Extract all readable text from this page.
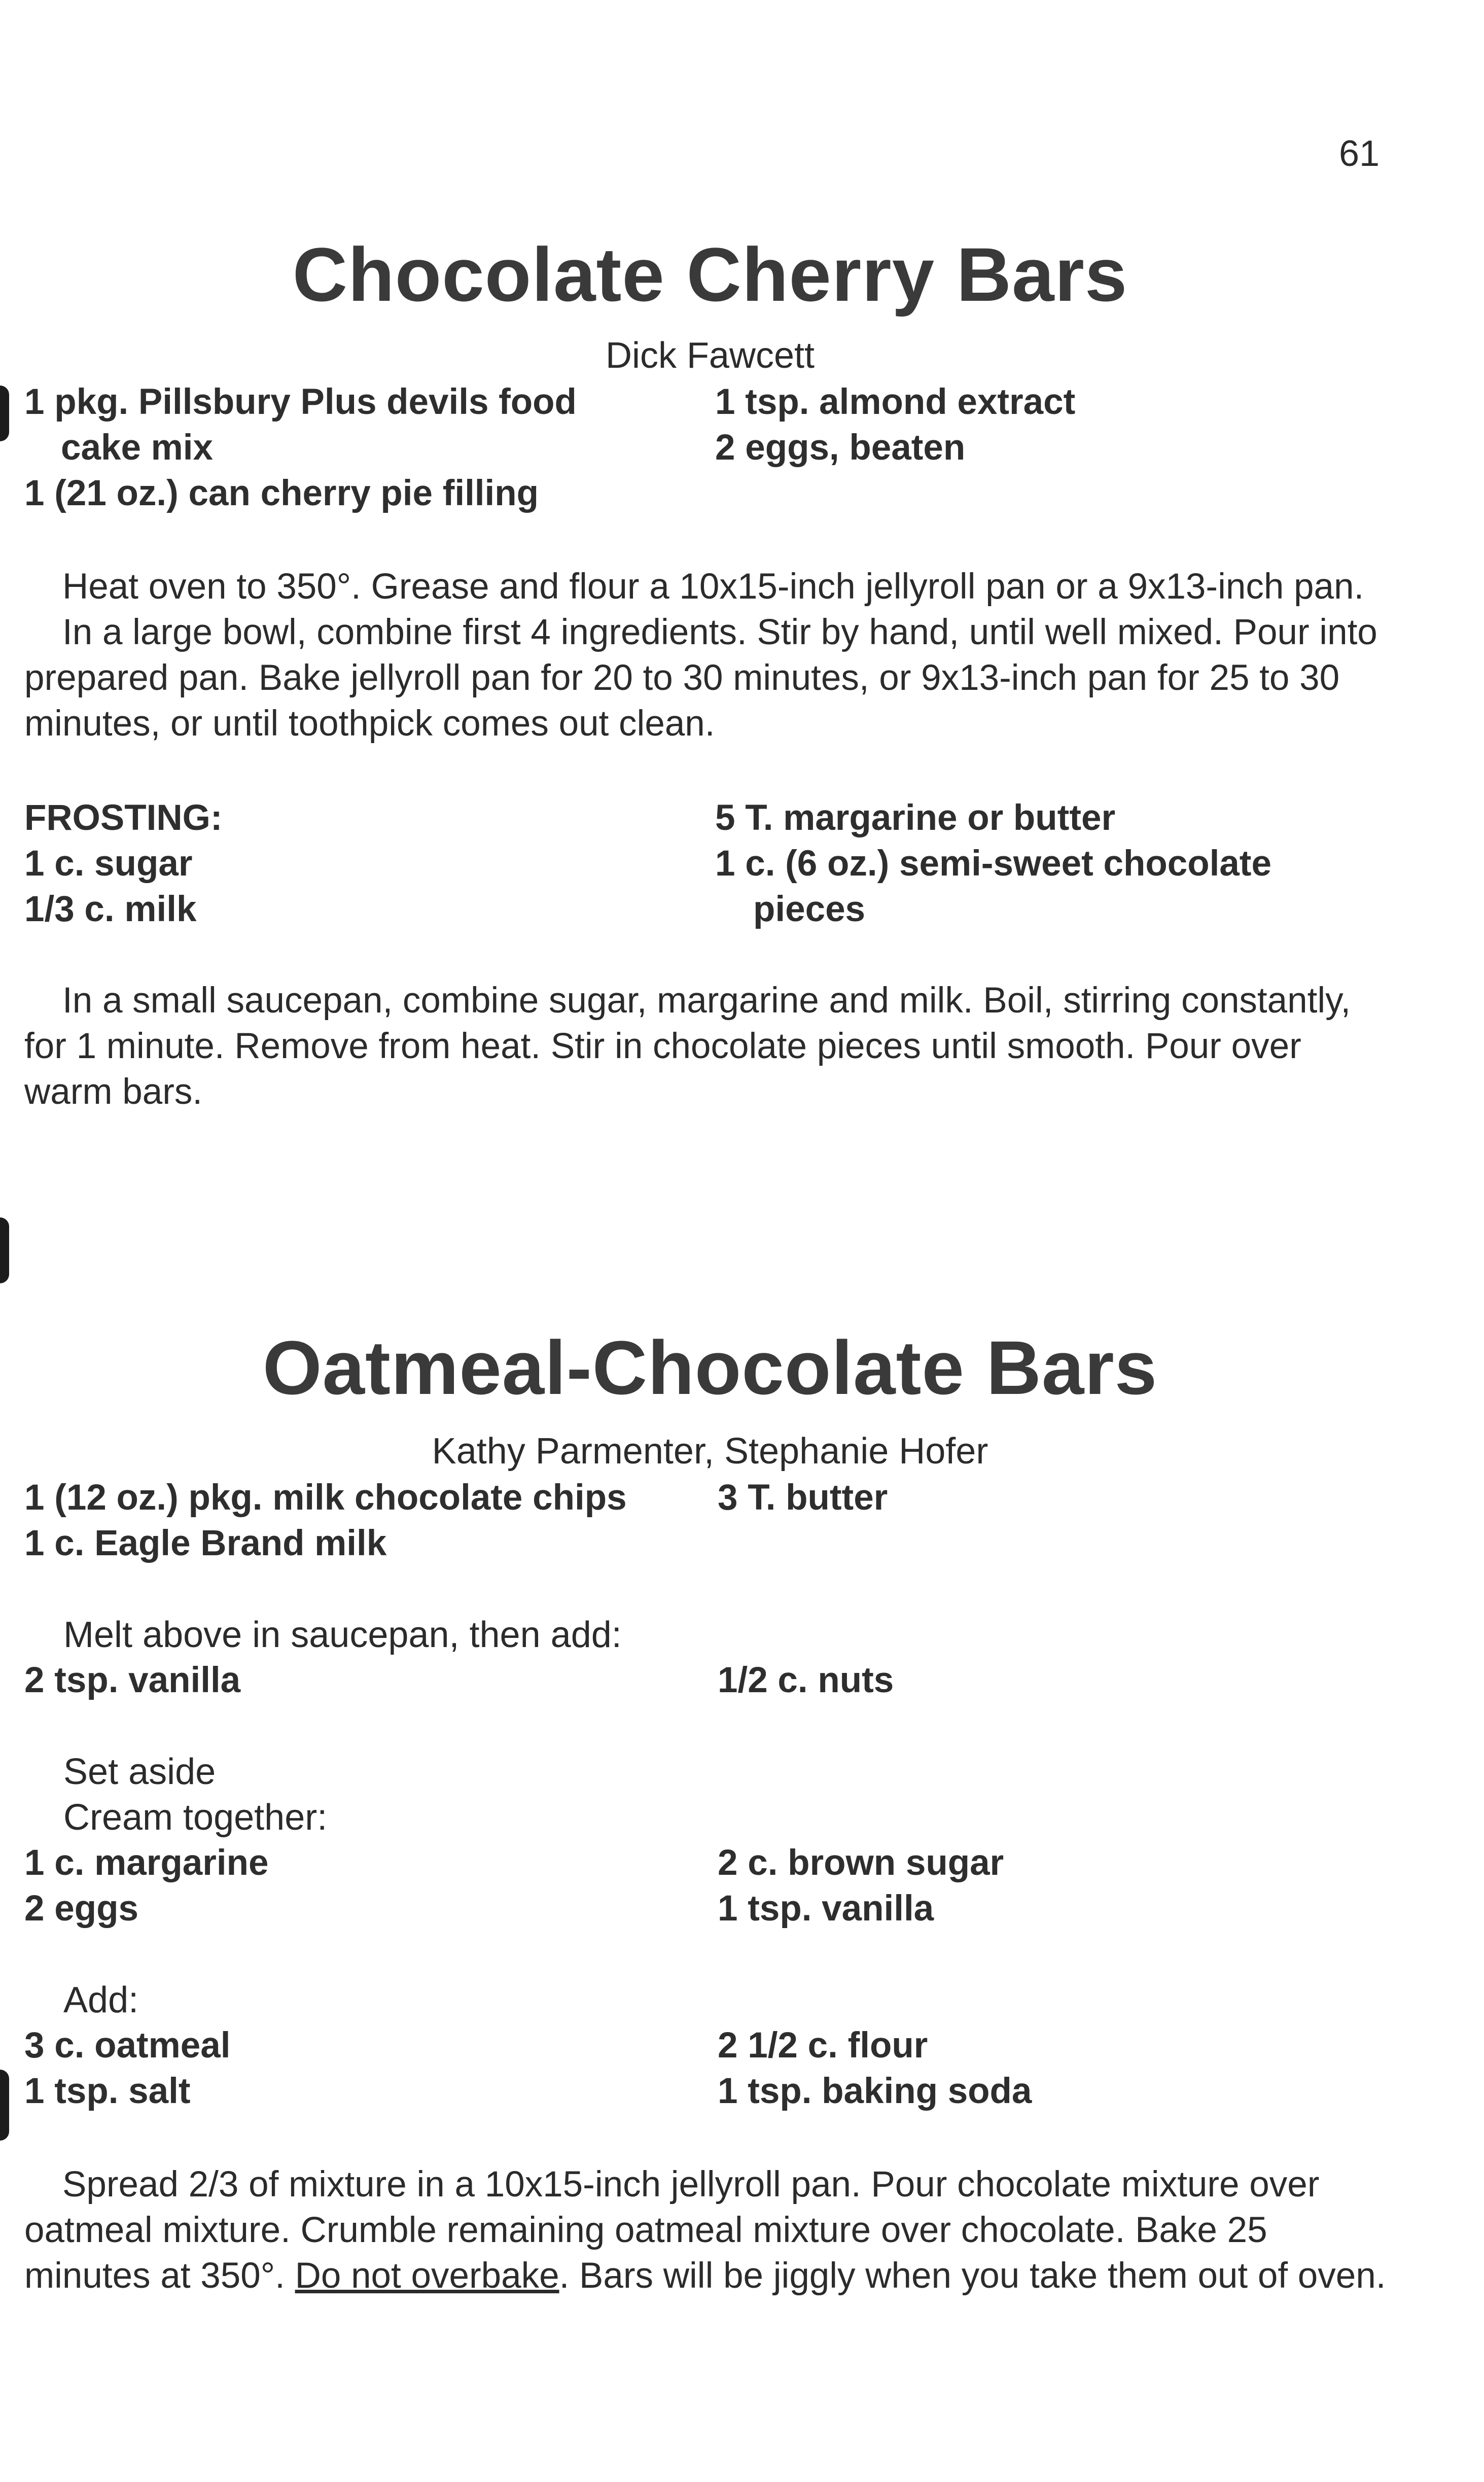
61
Chocolate Cherry Bars
Dick Fawcett
1 pkg. Pillsbury Plus devils food
cake mix
1 (21 oz.) can cherry pie filling
1 tsp. almond extract
2 eggs, beaten
Heat oven to 350°. Grease and flour a 10x15-inch jellyroll pan or a 9x13-inch pan.
In a large bowl, combine first 4 ingredients. Stir by hand, until well mixed. Pour into
prepared pan. Bake jellyroll pan for 20 to 30 minutes, or 9x13-inch pan for 25 to 30
minutes, or until toothpick comes out clean.
FROSTING:
1 c. sugar
1/3 c. milk
5 T. margarine or butter
1 c. (6 oz.) semi-sweet chocolate
pieces
In a small saucepan, combine sugar, margarine and milk. Boil, stirring constantly,
for 1 minute. Remove from heat. Stir in chocolate pieces until smooth. Pour over
warm bars.
Oatmeal-Chocolate Bars
Kathy Parmenter, Stephanie Hofer
1 (12 oz.) pkg. milk chocolate chips
1 c. Eagle Brand milk
3 T. butter
Melt above in saucepan, then add:
2 tsp. vanilla	1/2 c. nuts
Set aside
Cream together:
1 c. margarine
2 eggs
2 c. brown sugar
1 tsp. vanilla
Add:
3 c. oatmeal
1 tsp. salt
2 1/2 c. flour
1 tsp. baking soda
Spread 2/3 of mixture in a 10x15-inch jellyroll pan. Pour chocolate mixture over
oatmeal mixture. Crumble remaining oatmeal mixture over chocolate. Bake 25
minutes at 350°. Do not overbake. Bars will be jiggly when you take them out of oven.
